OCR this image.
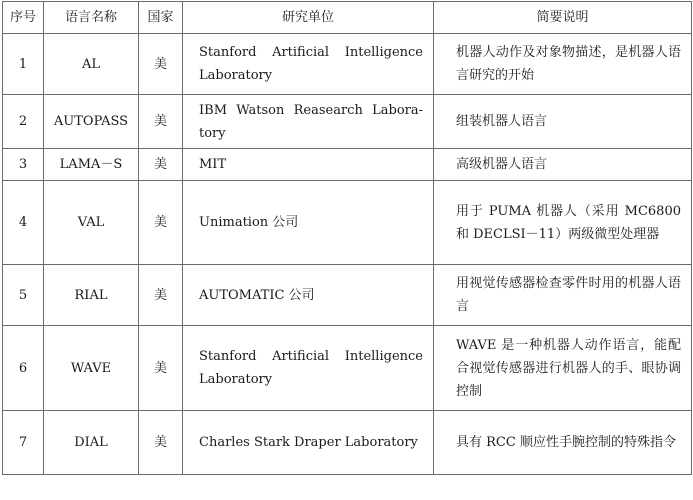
序号	语言名称	国家	研究单位	简要说明
1	AL	美	Stanford Artificial Intelligence Laboratory	机器人动作及对象物描述，是机器人语言研究的开始
2	AUTOPASS	美	IBM Watson Reasearch Labora-tory	组装机器人语言
3	LAMA－S	美	MIT	高级机器人语言
4	VAL	美	Unimation 公司	用于 PUMA 机器人（采用 MC6800 和 DECLSI－11）两级微型处理器
5	RIAL	美	AUTOMATIC 公司	用视觉传感器检查零件时用的机器人语言
6	WAVE	美	Stanford Artificial Intelligence Laboratory	WAVE 是一种机器人动作语言，能配合视觉传感器进行机器人的手、眼协调控制
7	DIAL	美	Charles Stark Draper Laboratory	具有 RCC 顺应性手腕控制的特殊指令
